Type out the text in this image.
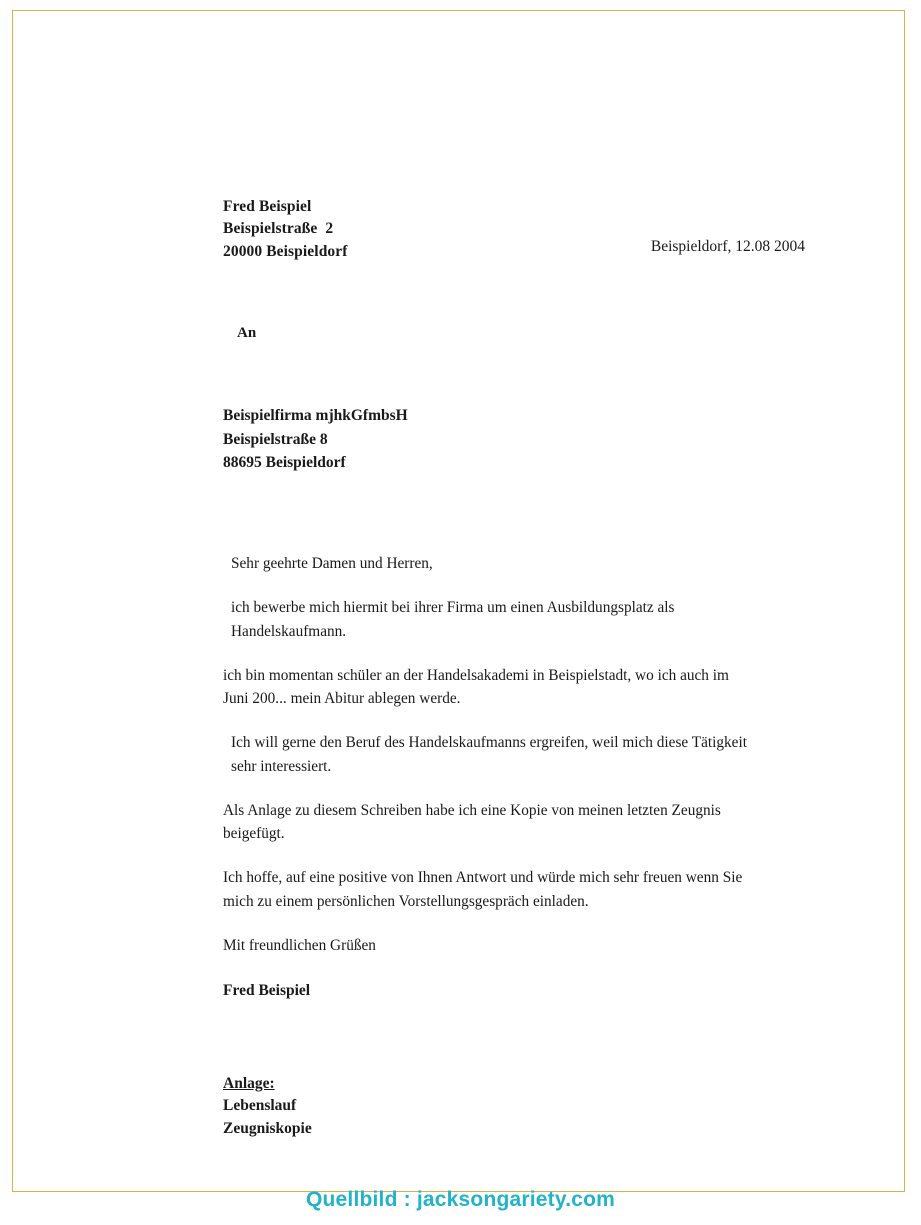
Fred Beispiel
Beispielstraße  2
20000 Beispieldorf	Beispieldorf, 12.08 2004
An
Beispielfirma mjhkGfmbsH
Beispielstraße 8
88695 Beispieldorf

Sehr geehrte Damen und Herren,

ich bewerbe mich hiermit bei ihrer Firma um einen Ausbildungsplatz als Handelskaufmann.

ich bin momentan schüler an der Handelsakademi in Beispielstadt, wo ich auch im Juni 200... mein Abitur ablegen werde.

Ich will gerne den Beruf des Handelskaufmanns ergreifen, weil mich diese Tätigkeit sehr interessiert.

Als Anlage zu diesem Schreiben habe ich eine Kopie von meinen letzten Zeugnis beigefügt.

Ich hoffe, auf eine positive von Ihnen Antwort und würde mich sehr freuen wenn Sie mich zu einem persönlichen Vorstellungsgespräch einladen.

Mit freundlichen Grüßen
Fred Beispiel
Anlage:
Lebenslauf
Zeugniskopie
Quellbild : jacksongariety.com
